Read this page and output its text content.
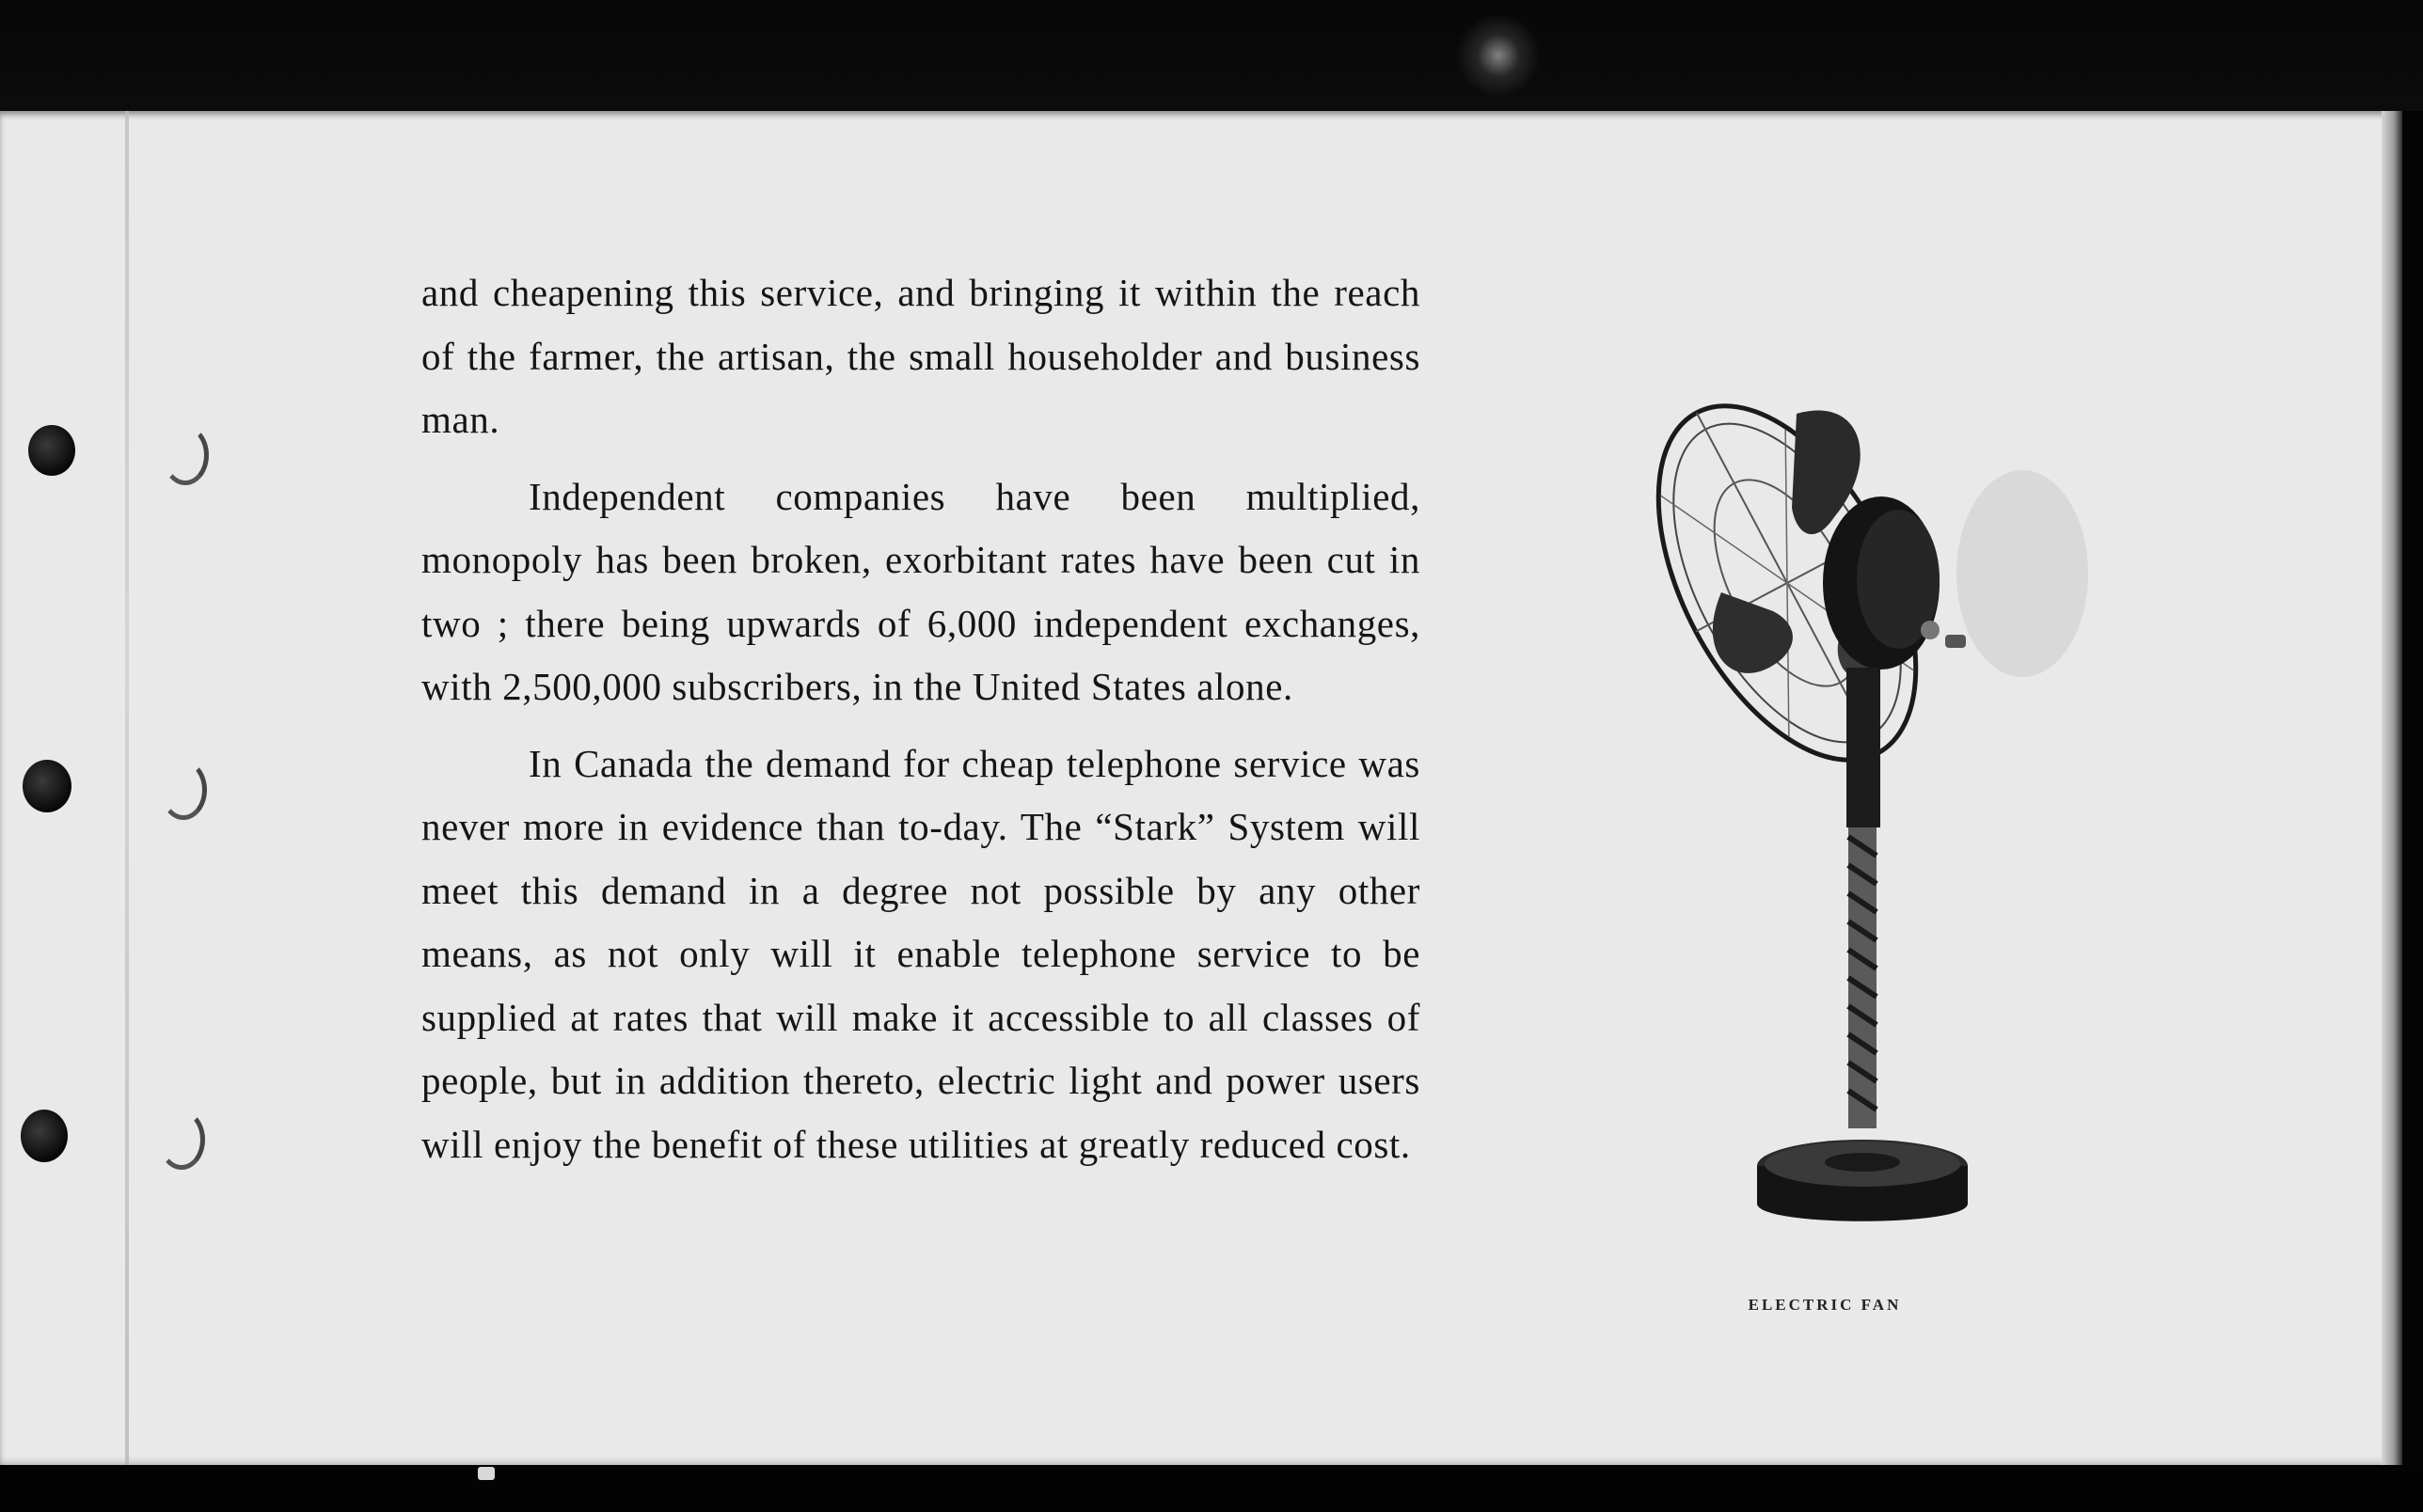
and cheapening this service, and bringing it within the reach of the farmer, the artisan, the small householder and business man.

Independent companies have been multiplied, monopoly has been broken, exorbitant rates have been cut in two ; there being upwards of 6,000 independent exchanges, with 2,500,000 subscribers, in the United States alone.

In Canada the demand for cheap telephone service was never more in evidence than to-day. The “Stark” System will meet this demand in a degree not possible by any other means, as not only will it enable telephone service to be supplied at rates that will make it accessible to all classes of people, but in addition thereto, electric light and power users will enjoy the benefit of these utilities at greatly reduced cost.

ELECTRIC FAN
